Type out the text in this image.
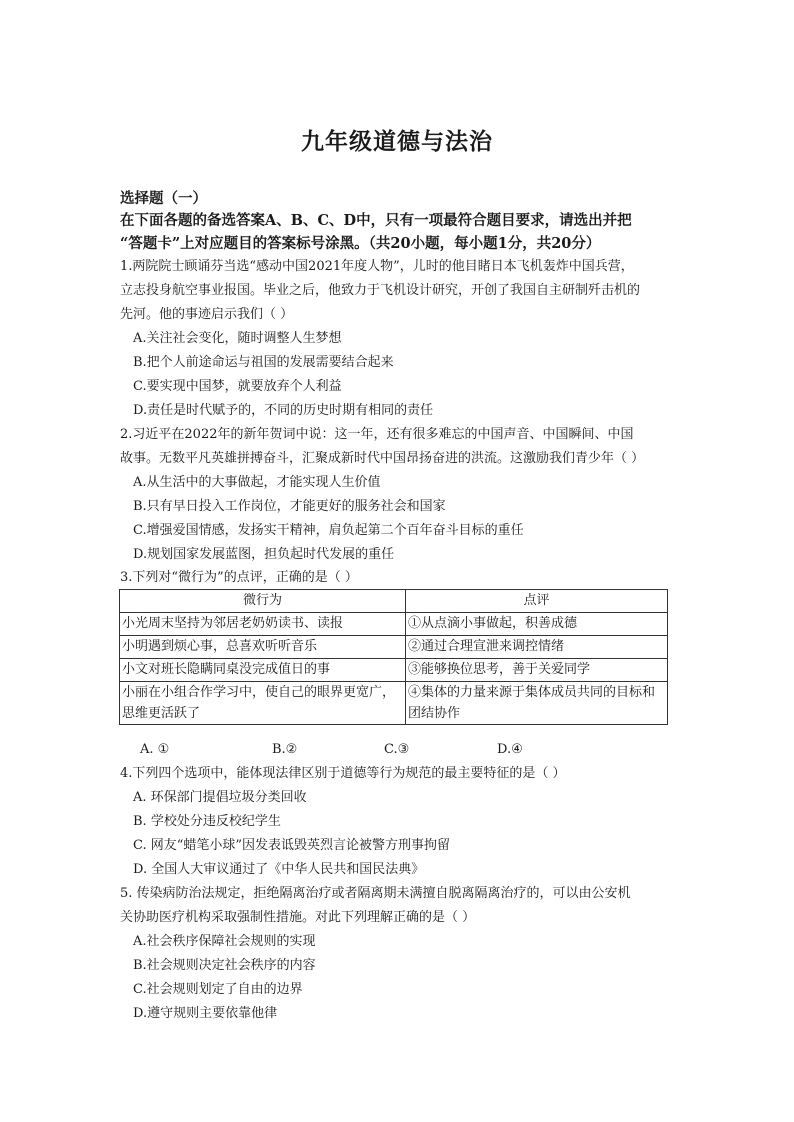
九年级道德与法治
选择题（一）
在下面各题的备选答案A、B、C、D中，只有一项最符合题目要求，请选出并把
“答题卡”上对应题目的答案标号涂黑。（共20小题，每小题1分，共20分）
1.两院院士顾诵芬当选“感动中国2021年度人物”，儿时的他目睹日本飞机轰炸中国兵营，
立志投身航空事业报国。毕业之后，他致力于飞机设计研究，开创了我国自主研制歼击机的
先河。他的事迹启示我们（ ）
A.关注社会变化，随时调整人生梦想
B.把个人前途命运与祖国的发展需要结合起来
C.要实现中国梦，就要放弃个人利益
D.责任是时代赋予的，不同的历史时期有相同的责任
2.习近平在2022年的新年贺词中说：这一年，还有很多难忘的中国声音、中国瞬间、中国
故事。无数平凡英雄拼搏奋斗，汇聚成新时代中国昂扬奋进的洪流。这激励我们青少年（ ）
A.从生活中的大事做起，才能实现人生价值
B.只有早日投入工作岗位，才能更好的服务社会和国家
C.增强爱国情感，发扬实干精神，肩负起第二个百年奋斗目标的重任
D.规划国家发展蓝图，担负起时代发展的重任
3.下列对“微行为”的点评，正确的是（ ）
微行为	点评
小光周末坚持为邻居老奶奶读书、读报	①从点滴小事做起，积善成德
小明遇到烦心事，总喜欢听听音乐	②通过合理宣泄来调控情绪
小文对班长隐瞒同桌没完成值日的事	③能够换位思考，善于关爱同学
小丽在小组合作学习中，使自己的眼界更宽广，思维更活跃了	④集体的力量来源于集体成员共同的目标和团结协作
A. ①	B.②	C.③	D.④
4.下列四个选项中，能体现法律区别于道德等行为规范的最主要特征的是（ ）
A. 环保部门提倡垃圾分类回收
B. 学校处分违反校纪学生
C. 网友“蜡笔小球”因发表诋毁英烈言论被警方刑事拘留
D. 全国人大审议通过了《中华人民共和国民法典》
5. 传染病防治法规定，拒绝隔离治疗或者隔离期未满擅自脱离隔离治疗的，可以由公安机
关协助医疗机构采取强制性措施。对此下列理解正确的是（ ）
A.社会秩序保障社会规则的实现
B.社会规则决定社会秩序的内容
C.社会规则划定了自由的边界
D.遵守规则主要依靠他律
